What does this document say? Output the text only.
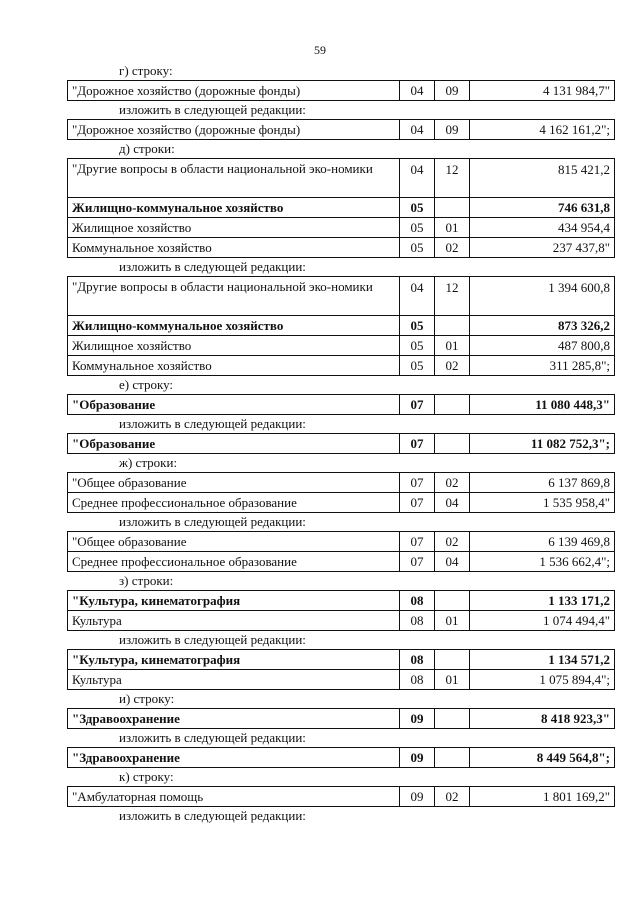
59
г) строку:
"Дорожное хозяйство (дорожные фонды)	04	09	4 131 984,7"
изложить в следующей редакции:
"Дорожное хозяйство (дорожные фонды)	04	09	4 162 161,2";
д) строки:
"Другие вопросы в области национальной эко-номики	04	12	815 421,2
Жилищно-коммунальное хозяйство	05		746 631,8
Жилищное хозяйство	05	01	434 954,4
Коммунальное хозяйство	05	02	237 437,8"
изложить в следующей редакции:
"Другие вопросы в области национальной эко-номики	04	12	1 394 600,8
Жилищно-коммунальное хозяйство	05		873 326,2
Жилищное хозяйство	05	01	487 800,8
Коммунальное хозяйство	05	02	311 285,8";
е) строку:
"Образование	07		11 080 448,3"
изложить в следующей редакции:
"Образование	07		11 082 752,3";
ж) строки:
"Общее образование	07	02	6 137 869,8
Среднее профессиональное образование	07	04	1 535 958,4"
изложить в следующей редакции:
"Общее образование	07	02	6 139 469,8
Среднее профессиональное образование	07	04	1 536 662,4";
з) строки:
"Культура, кинематография	08		1 133 171,2
Культура	08	01	1 074 494,4"
изложить в следующей редакции:
"Культура, кинематография	08		1 134 571,2
Культура	08	01	1 075 894,4";
и) строку:
"Здравоохранение	09		8 418 923,3"
изложить в следующей редакции:
"Здравоохранение	09		8 449 564,8";
к) строку:
"Амбулаторная помощь	09	02	1 801 169,2"
изложить в следующей редакции:
